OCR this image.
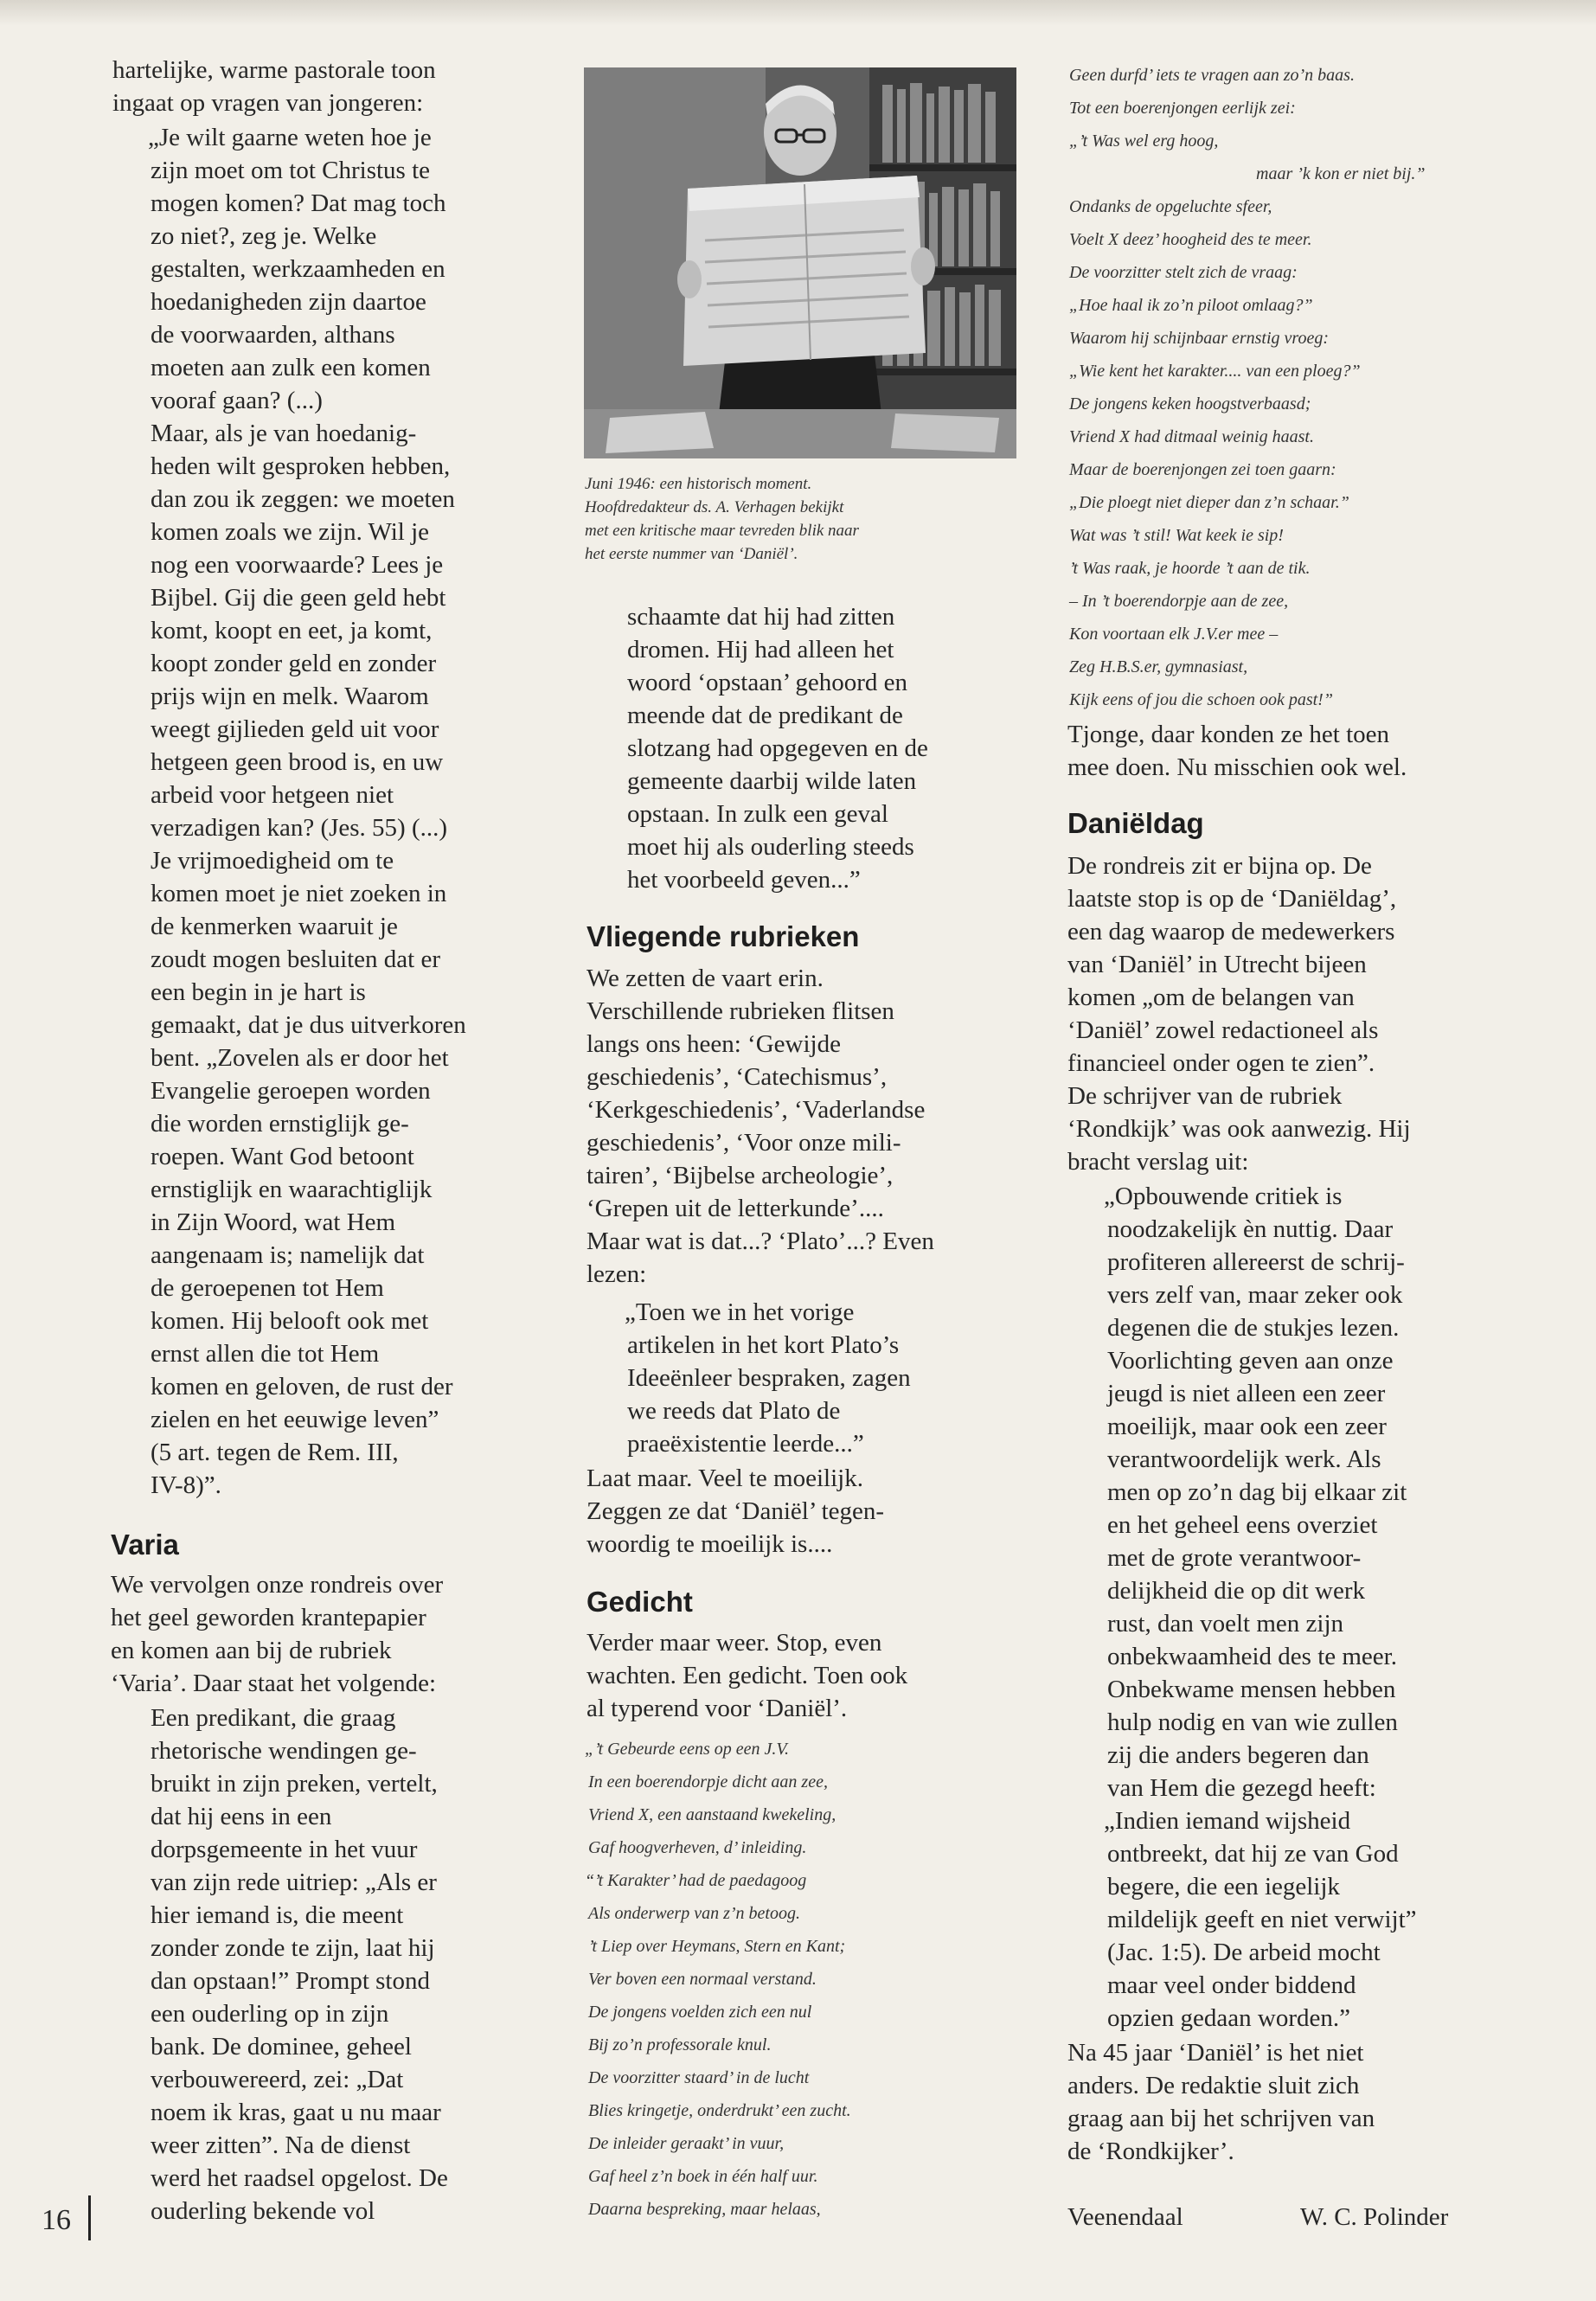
hartelijke, warme pastorale toon
ingaat op vragen van jongeren:
„Je wilt gaarne weten hoe je
zijn moet om tot Christus te
mogen komen? Dat mag toch
zo niet?, zeg je. Welke
gestalten, werkzaamheden en
hoedanigheden zijn daartoe
de voorwaarden, althans
moeten aan zulk een komen
vooraf gaan? (...)
Maar, als je van hoedanig-
heden wilt gesproken hebben,
dan zou ik zeggen: we moeten
komen zoals we zijn. Wil je
nog een voorwaarde? Lees je
Bijbel. Gij die geen geld hebt
komt, koopt en eet, ja komt,
koopt zonder geld en zonder
prijs wijn en melk. Waarom
weegt gijlieden geld uit voor
hetgeen geen brood is, en uw
arbeid voor hetgeen niet
verzadigen kan? (Jes. 55) (...)
Je vrijmoedigheid om te
komen moet je niet zoeken in
de kenmerken waaruit je
zoudt mogen besluiten dat er
een begin in je hart is
gemaakt, dat je dus uitverkoren
bent. „Zovelen als er door het
Evangelie geroepen worden
die worden ernstiglijk ge-
roepen. Want God betoont
ernstiglijk en waarachtiglijk
in Zijn Woord, wat Hem
aangenaam is; namelijk dat
de geroepenen tot Hem
komen. Hij belooft ook met
ernst allen die tot Hem
komen en geloven, de rust der
zielen en het eeuwige leven”
(5 art. tegen de Rem. III,
IV-8)”.
Varia
We vervolgen onze rondreis over
het geel geworden krantepapier
en komen aan bij de rubriek
‘Varia’. Daar staat het volgende:
Een predikant, die graag
rhetorische wendingen ge-
bruikt in zijn preken, vertelt,
dat hij eens in een
dorpsgemeente in het vuur
van zijn rede uitriep: „Als er
hier iemand is, die meent
zonder zonde te zijn, laat hij
dan opstaan!” Prompt stond
een ouderling op in zijn
bank. De dominee, geheel
verbouwereerd, zei: „Dat
noem ik kras, gaat u nu maar
weer zitten”. Na de dienst
werd het raadsel opgelost. De
ouderling bekende vol
Juni 1946: een historisch moment.
Hoofdredakteur ds. A. Verhagen bekijkt
met een kritische maar tevreden blik naar
het eerste nummer van ‘Daniël’.
schaamte dat hij had zitten
dromen. Hij had alleen het
woord ‘opstaan’ gehoord en
meende dat de predikant de
slotzang had opgegeven en de
gemeente daarbij wilde laten
opstaan. In zulk een geval
moet hij als ouderling steeds
het voorbeeld geven...”
Vliegende rubrieken
We zetten de vaart erin.
Verschillende rubrieken flitsen
langs ons heen: ‘Gewijde
geschiedenis’, ‘Catechismus’,
‘Kerkgeschiedenis’, ‘Vaderlandse
geschiedenis’, ‘Voor onze mili-
tairen’, ‘Bijbelse archeologie’,
‘Grepen uit de letterkunde’....
Maar wat is dat...? ‘Plato’...? Even
lezen:
„Toen we in het vorige
artikelen in het kort Plato’s
Ideeënleer bespraken, zagen
we reeds dat Plato de
praeëxistentie leerde...”
Laat maar. Veel te moeilijk.
Zeggen ze dat ‘Daniël’ tegen-
woordig te moeilijk is....
Gedicht
Verder maar weer. Stop, even
wachten. Een gedicht. Toen ook
al typerend voor ‘Daniël’.
„’t Gebeurde eens op een J.V.
In een boerendorpje dicht aan zee,
Vriend X, een aanstaand kwekeling,
Gaf hoogverheven, d’ inleiding.
“’t Karakter’ had de paedagoog
Als onderwerp van z’n betoog.
’t Liep over Heymans, Stern en Kant;
Ver boven een normaal verstand.
De jongens voelden zich een nul
Bij zo’n professorale knul.
De voorzitter staard’ in de lucht
Blies kringetje, onderdrukt’ een zucht.
De inleider geraakt’ in vuur,
Gaf heel z’n boek in één half uur.
Daarna bespreking, maar helaas,
Geen durfd’ iets te vragen aan zo’n baas.
Tot een boerenjongen eerlijk zei:
„’t Was wel erg hoog,
maar ’k kon er niet bij.”
Ondanks de opgeluchte sfeer,
Voelt X deez’ hoogheid des te meer.
De voorzitter stelt zich de vraag:
„Hoe haal ik zo’n piloot omlaag?”
Waarom hij schijnbaar ernstig vroeg:
„Wie kent het karakter.... van een ploeg?”
De jongens keken hoogstverbaasd;
Vriend X had ditmaal weinig haast.
Maar de boerenjongen zei toen gaarn:
„Die ploegt niet dieper dan z’n schaar.”
Wat was ’t stil! Wat keek ie sip!
’t Was raak, je hoorde ’t aan de tik.
– In ’t boerendorpje aan de zee,
Kon voortaan elk J.V.er mee –
Zeg H.B.S.er, gymnasiast,
Kijk eens of jou die schoen ook past!”
Tjonge, daar konden ze het toen
mee doen. Nu misschien ook wel.
Daniëldag
De rondreis zit er bijna op. De
laatste stop is op de ‘Daniëldag’,
een dag waarop de medewerkers
van ‘Daniël’ in Utrecht bijeen
komen „om de belangen van
‘Daniël’ zowel redactioneel als
financieel onder ogen te zien”.
De schrijver van de rubriek
‘Rondkijk’ was ook aanwezig. Hij
bracht verslag uit:
„Opbouwende critiek is
noodzakelijk èn nuttig. Daar
profiteren allereerst de schrij-
vers zelf van, maar zeker ook
degenen die de stukjes lezen.
Voorlichting geven aan onze
jeugd is niet alleen een zeer
moeilijk, maar ook een zeer
verantwoordelijk werk. Als
men op zo’n dag bij elkaar zit
en het geheel eens overziet
met de grote verantwoor-
delijkheid die op dit werk
rust, dan voelt men zijn
onbekwaamheid des te meer.
Onbekwame mensen hebben
hulp nodig en van wie zullen
zij die anders begeren dan
van Hem die gezegd heeft:
„Indien iemand wijsheid
ontbreekt, dat hij ze van God
begere, die een iegelijk
mildelijk geeft en niet verwijt”
(Jac. 1:5). De arbeid mocht
maar veel onder biddend
opzien gedaan worden.”
Na 45 jaar ‘Daniël’ is het niet
anders. De redaktie sluit zich
graag aan bij het schrijven van
de ‘Rondkijker’.
Veenendaal	W. C. Polinder
16
